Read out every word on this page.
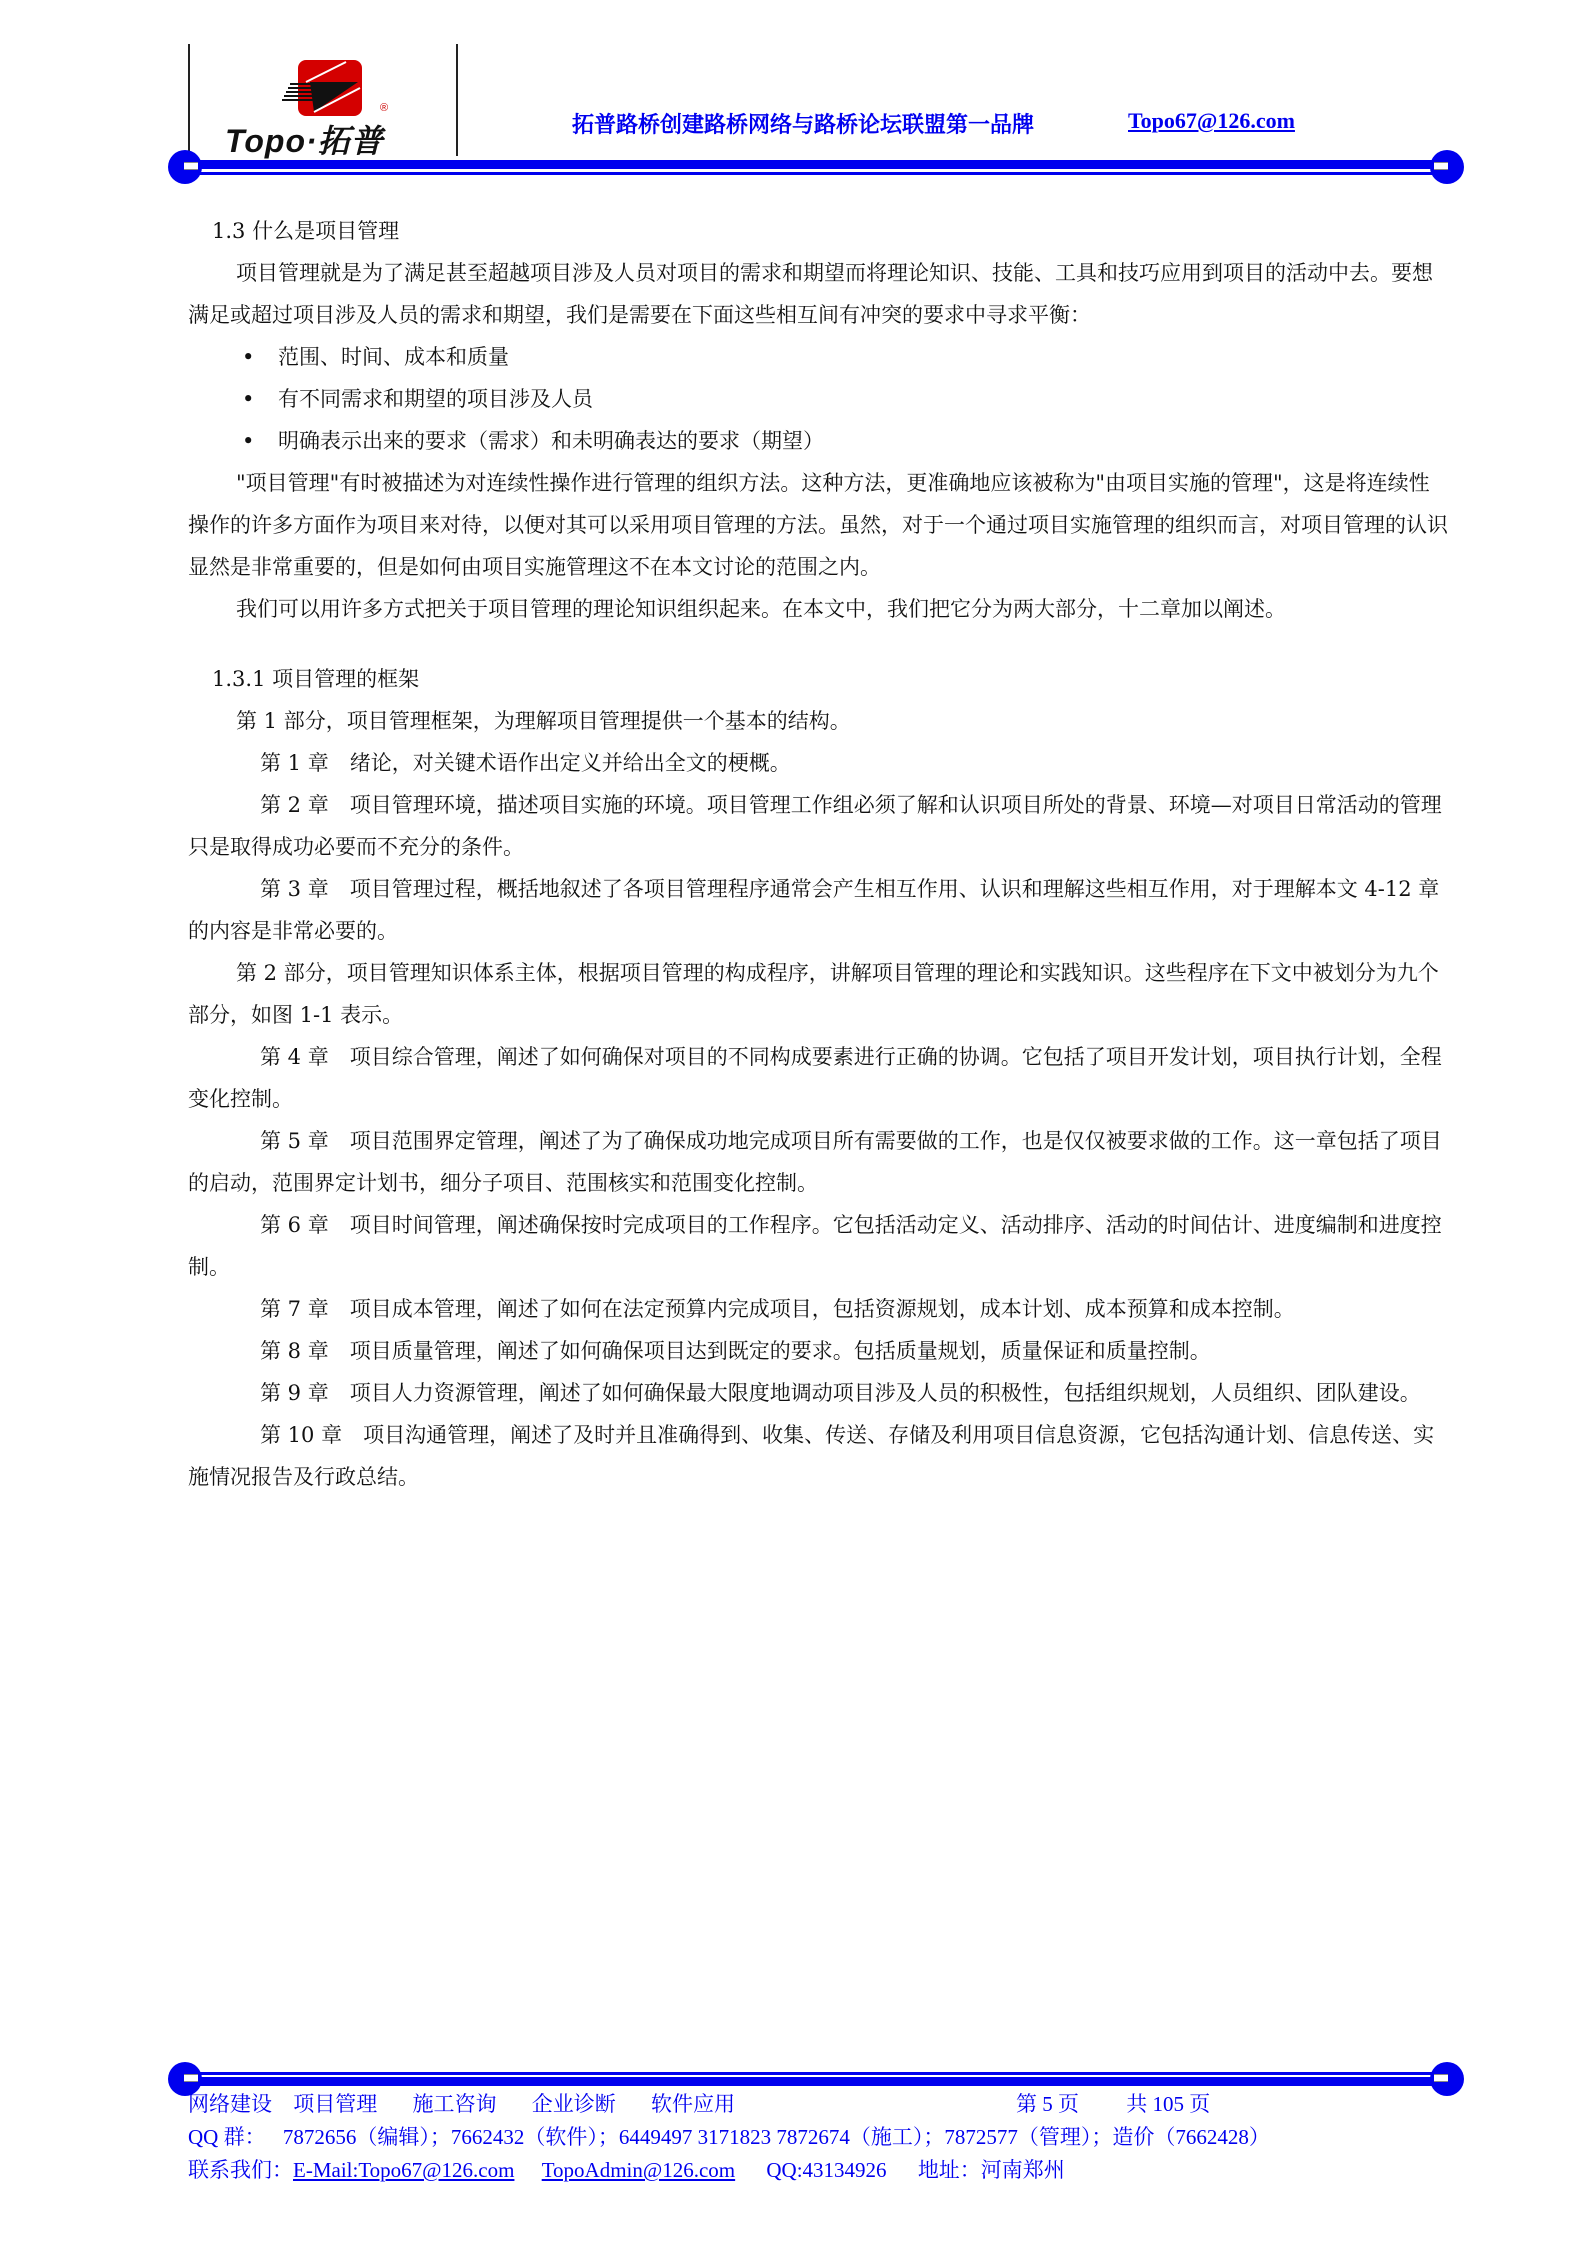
®
Topo·拓普	拓普路桥创建路桥网络与路桥论坛联盟第一品牌	Topo67@126.com

1.3 什么是项目管理

项目管理就是为了满足甚至超越项目涉及人员对项目的需求和期望而将理论知识、技能、工具和技巧应用到项目的活动中去。要想满足或超过项目涉及人员的需求和期望，我们是需要在下面这些相互间有冲突的要求中寻求平衡：

• 范围、时间、成本和质量

• 有不同需求和期望的项目涉及人员

• 明确表示出来的要求（需求）和未明确表达的要求（期望）

"项目管理"有时被描述为对连续性操作进行管理的组织方法。这种方法，更准确地应该被称为"由项目实施的管理"，这是将连续性操作的许多方面作为项目来对待，以便对其可以采用项目管理的方法。虽然，对于一个通过项目实施管理的组织而言，对项目管理的认识显然是非常重要的，但是如何由项目实施管理这不在本文讨论的范围之内。

我们可以用许多方式把关于项目管理的理论知识组织起来。在本文中，我们把它分为两大部分，十二章加以阐述。

1.3.1 项目管理的框架

第 1 部分，项目管理框架，为理解项目管理提供一个基本的结构。

第 1 章　绪论，对关键术语作出定义并给出全文的梗概。

第 2 章　项目管理环境，描述项目实施的环境。项目管理工作组必须了解和认识项目所处的背景、环境—对项目日常活动的管理只是取得成功必要而不充分的条件。

第 3 章　项目管理过程，概括地叙述了各项目管理程序通常会产生相互作用、认识和理解这些相互作用，对于理解本文 4-12 章的内容是非常必要的。

第 2 部分，项目管理知识体系主体，根据项目管理的构成程序，讲解项目管理的理论和实践知识。这些程序在下文中被划分为九个部分，如图 1-1 表示。

第 4 章　项目综合管理，阐述了如何确保对项目的不同构成要素进行正确的协调。它包括了项目开发计划，项目执行计划，全程变化控制。

第 5 章　项目范围界定管理，阐述了为了确保成功地完成项目所有需要做的工作，也是仅仅被要求做的工作。这一章包括了项目的启动，范围界定计划书，细分子项目、范围核实和范围变化控制。

第 6 章　项目时间管理，阐述确保按时完成项目的工作程序。它包括活动定义、活动排序、活动的时间估计、进度编制和进度控制。

第 7 章　项目成本管理，阐述了如何在法定预算内完成项目，包括资源规划，成本计划、成本预算和成本控制。

第 8 章　项目质量管理，阐述了如何确保项目达到既定的要求。包括质量规划，质量保证和质量控制。

第 9 章　项目人力资源管理，阐述了如何确保最大限度地调动项目涉及人员的积极性，包括组织规划，人员组织、团队建设。

第 10 章　项目沟通管理，阐述了及时并且准确得到、收集、传送、存储及利用项目信息资源，它包括沟通计划、信息传送、实施情况报告及行政总结。

网络建设 项目管理 施工咨询 企业诊断 软件应用	第 5 页 共 105 页
QQ 群： 7872656（编辑）；7662432（软件）；6449497 3171823 7872674（施工）；7872577（管理）；造价（7662428）
联系我们：E-Mail:Topo67@126.com TopoAdmin@126.com QQ:43134926 地址：河南郑州
